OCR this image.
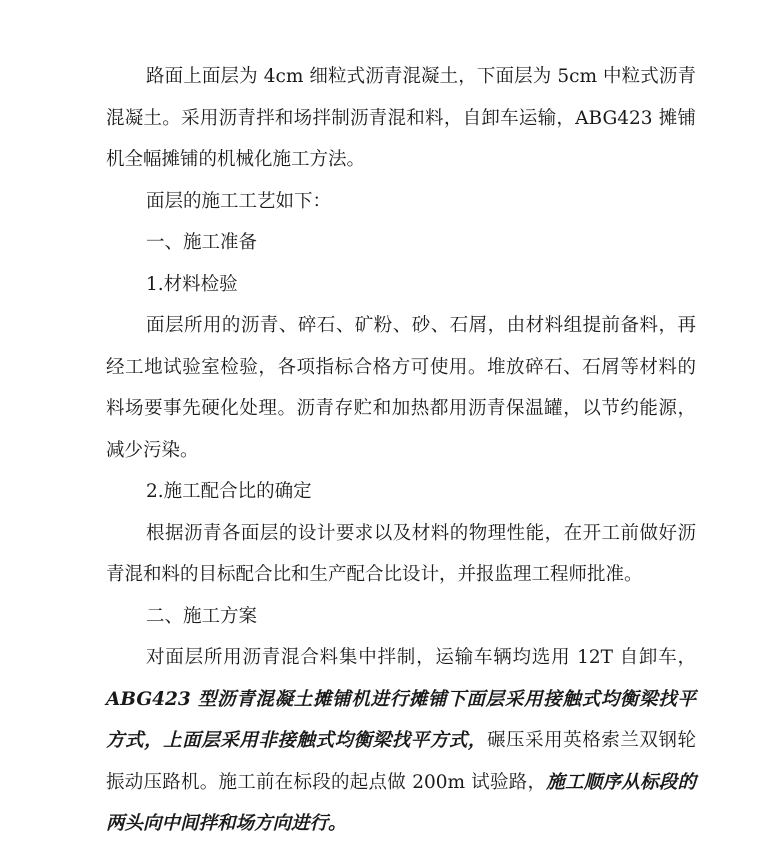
路面上面层为 4cm 细粒式沥青混凝土，下面层为 5cm 中粒式沥青混凝土。采用沥青拌和场拌制沥青混和料，自卸车运输，ABG423 摊铺机全幅摊铺的机械化施工方法。

面层的施工工艺如下：

一、施工准备

1.材料检验

面层所用的沥青、碎石、矿粉、砂、石屑，由材料组提前备料，再经工地试验室检验，各项指标合格方可使用。堆放碎石、石屑等材料的料场要事先硬化处理。沥青存贮和加热都用沥青保温罐，以节约能源，减少污染。

2.施工配合比的确定

根据沥青各面层的设计要求以及材料的物理性能，在开工前做好沥青混和料的目标配合比和生产配合比设计，并报监理工程师批准。

二、施工方案

对面层所用沥青混合料集中拌制，运输车辆均选用 12T 自卸车，ABG423 型沥青混凝土摊铺机进行摊铺下面层采用接触式均衡梁找平方式，上面层采用非接触式均衡梁找平方式，碾压采用英格索兰双钢轮振动压路机。施工前在标段的起点做 200m 试验路，施工顺序从标段的两头向中间拌和场方向进行。
